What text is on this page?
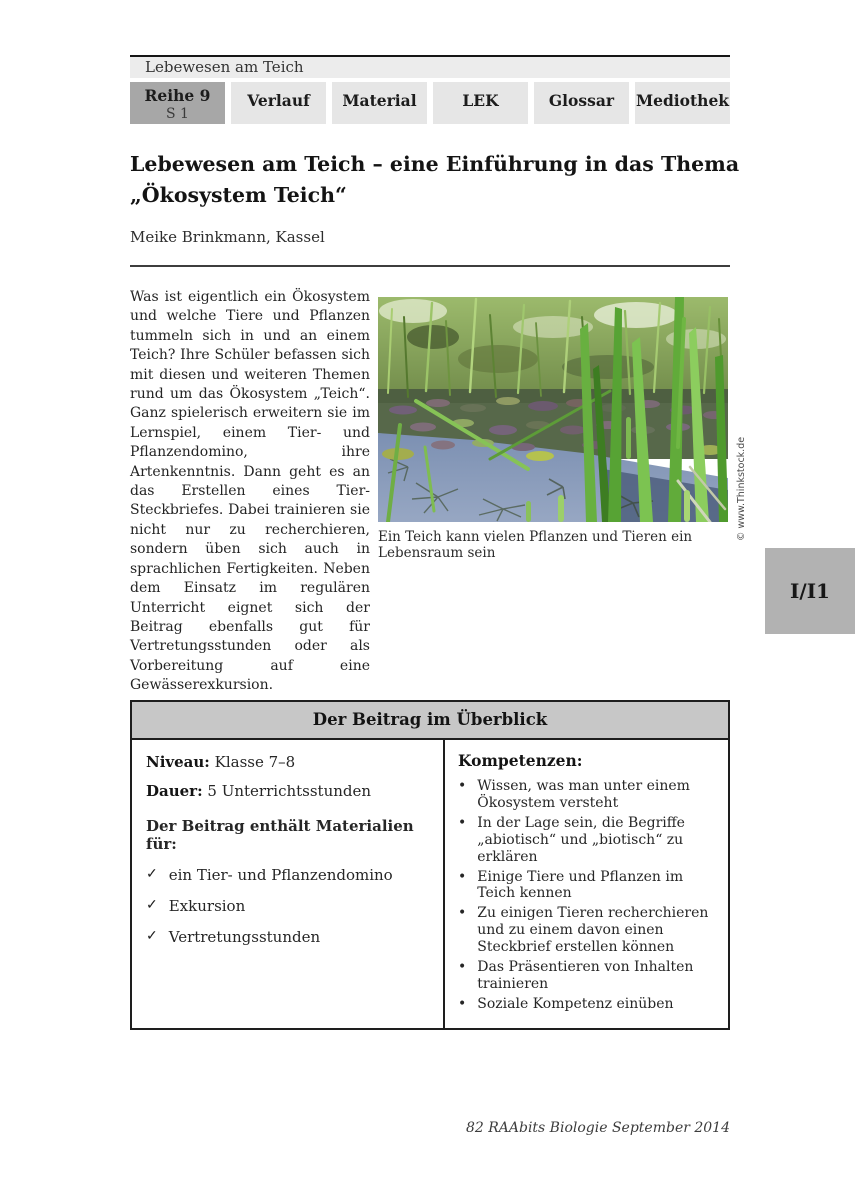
Lebewesen am Teich
Reihe 9
S 1
Verlauf	Material	LEK	Glossar	Mediothek
Lebewesen am Teich – eine Einführung in das Thema
„Ökosystem Teich“
Meike Brinkmann, Kassel

Was ist eigentlich ein Ökosystem und welche Tiere und Pflanzen tummeln sich in und an einem Teich? Ihre Schüler befassen sich mit diesen und weiteren Themen rund um das Ökosystem „Teich“. Ganz spielerisch erweitern sie im Lernspiel, einem Tier- und Pflanzendomino, ihre Artenkenntnis. Dann geht es an das Erstellen eines Tier-Steckbriefes. Dabei trainieren sie nicht nur zu recherchieren, sondern üben sich auch in sprachlichen Fertigkeiten. Neben dem Einsatz im regulären Unterricht eignet sich der Beitrag ebenfalls gut für Vertretungsstunden oder als Vorbereitung auf eine Gewässerexkursion.

© www.Thinkstock.de
Ein Teich kann vielen Pflanzen und Tieren ein Lebensraum sein
I/I1
Der Beitrag im Überblick

Niveau: Klasse 7–8

Dauer: 5 Unterrichtsstunden

Der Beitrag enthält Materialien für:

✓ ein Tier- und Pflanzendomino
✓ Exkursion
✓ Vertretungsstunden

Kompetenzen:

• Wissen, was man unter einem Ökosystem versteht
• In der Lage sein, die Begriffe „abiotisch“ und „biotisch“ zu erklären
• Einige Tiere und Pflanzen im Teich kennen
• Zu einigen Tieren recherchieren und zu einem davon einen Steckbrief erstellen können
• Das Präsentieren von Inhalten trainieren
• Soziale Kompetenz einüben
82 RAAbits Biologie September 2014
